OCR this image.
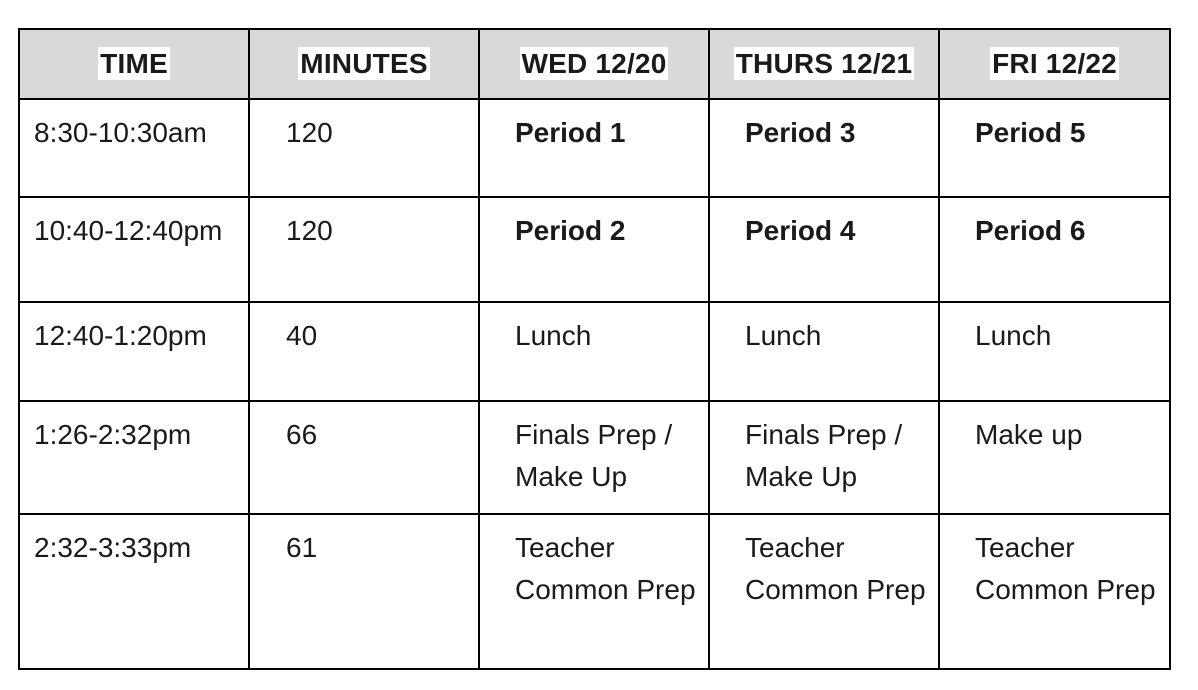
TIME	MINUTES	WED 12/20	THURS 12/21	FRI 12/22
8:30-10:30am	120	Period 1	Period 3	Period 5
10:40-12:40pm	120	Period 2	Period 4	Period 6
12:40-1:20pm	40	Lunch	Lunch	Lunch
1:26-2:32pm	66	Finals Prep / Make Up	Finals Prep / Make Up	Make up
2:32-3:33pm	61	Teacher Common Prep	Teacher Common Prep	Teacher Common Prep
